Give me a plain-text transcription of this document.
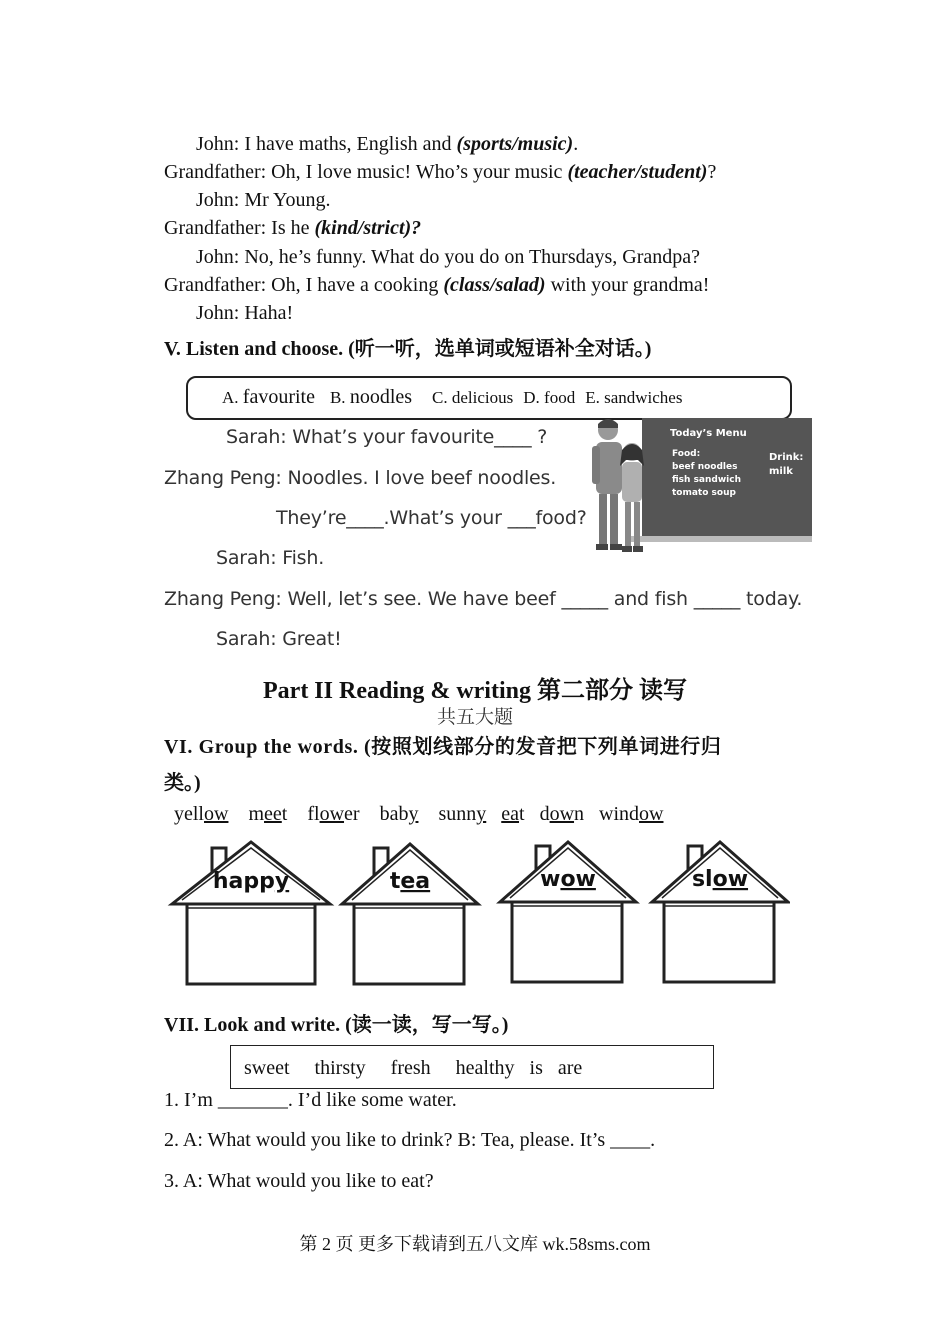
John: I have maths, English and (sports/music).
Grandfather: Oh, I love music! Who’s your music (teacher/student)?
John: Mr Young.
Grandfather: Is he (kind/strict)?
John: No, he’s funny. What do you do on Thursdays, Grandpa?
Grandfather: Oh, I have a cooking (class/salad) with your grandma!
John: Haha!
V. Listen and choose. (听一听，选单词或短语补全对话。)
A. favourite B. noodles C. delicious D. food E. sandwiches
Sarah: What’s your favourite____ ?
Zhang Peng: Noodles. I love beef noodles.
They’re____.What’s your ___food?
Sarah: Fish.
Zhang Peng: Well, let’s see. We have beef _____ and fish _____ today.
Sarah: Great!
Today’s Menu
Food:
beef noodles
fish sandwich
tomato soup
Drink:
milk
Part II Reading & writing 第二部分 读写
共五大题
VI. Group the words. (按照划线部分的发音把下列单词进行归
类。)
yellow meet flower baby sunny eat down window
happy	tea	wow	slow
VII. Look and write. (读一读，写一写。)
sweet thirsty fresh healthy is are
1. I’m _______. I’d like some water.
2. A: What would you like to drink? B: Tea, please. It’s ____.
3. A: What would you like to eat?
第 2 页 更多下载请到五八文库 wk.58sms.com
